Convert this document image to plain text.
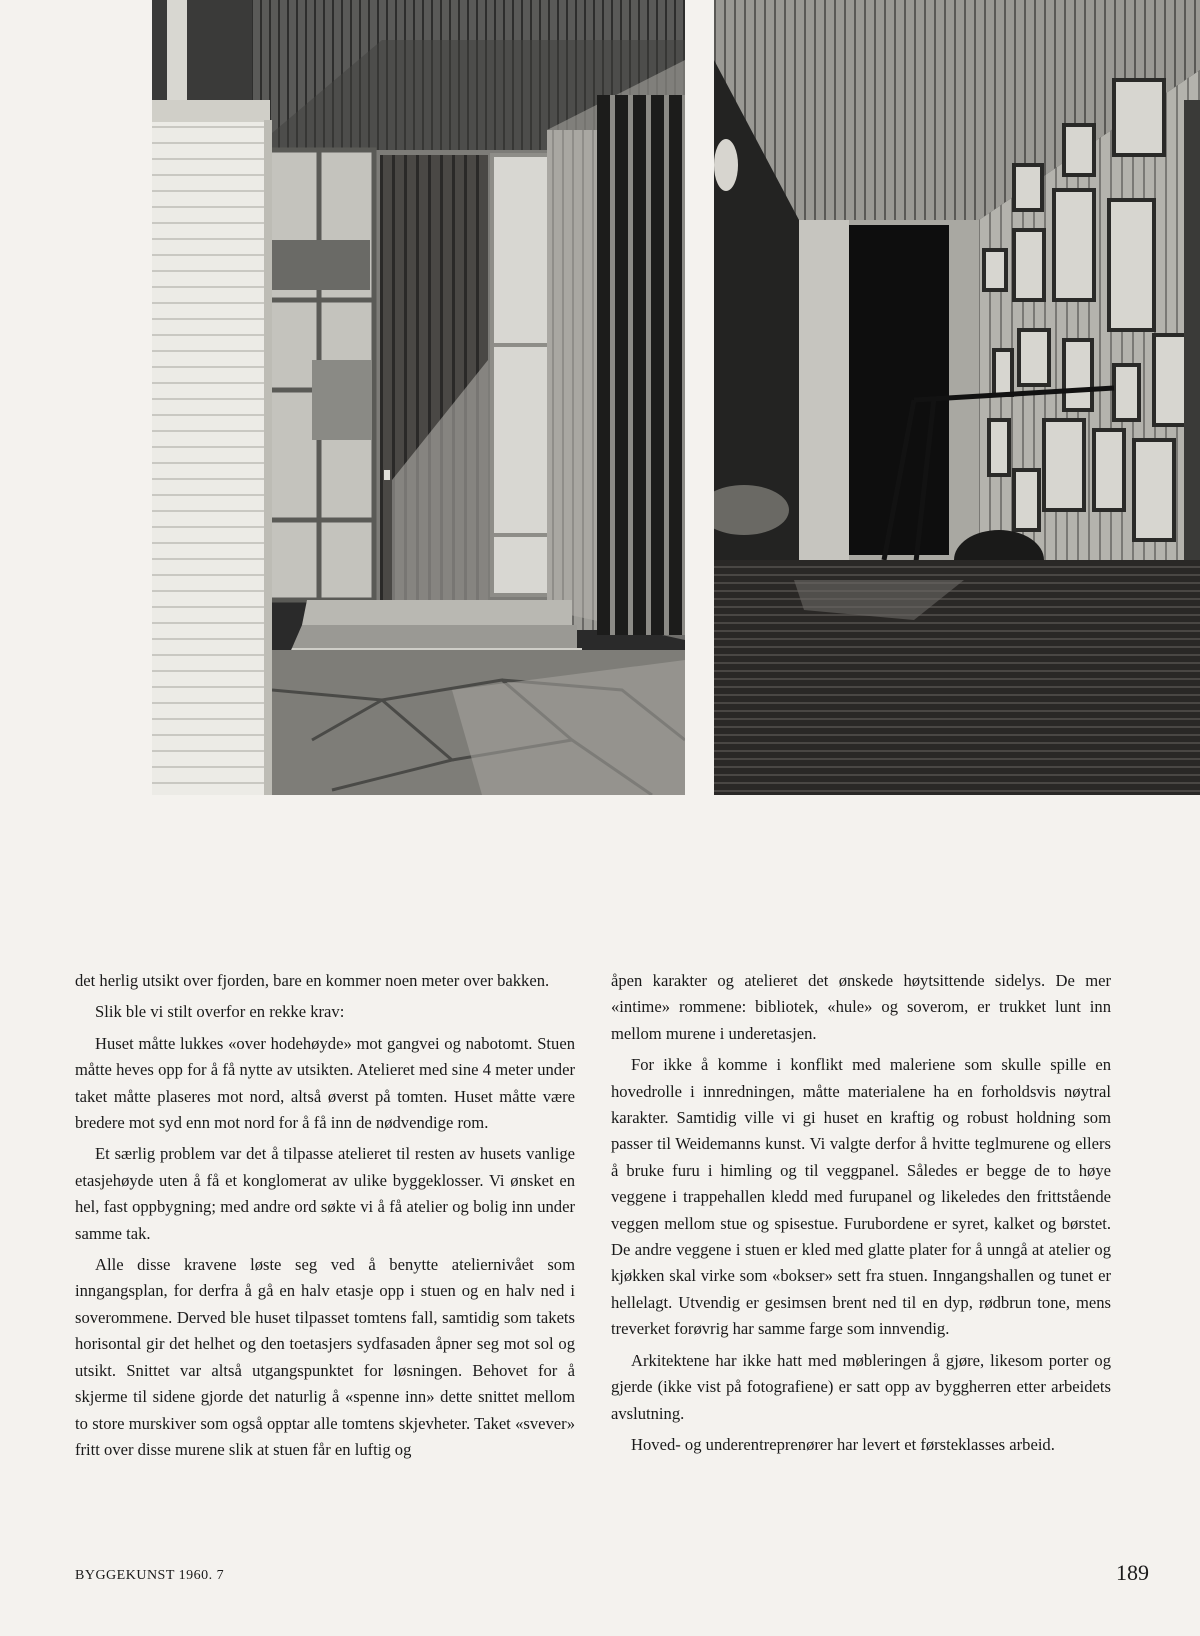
det herlig utsikt over fjorden, bare en kommer noen meter over bakken.

Slik ble vi stilt overfor en rekke krav:

Huset måtte lukkes «over hodehøyde» mot gangvei og nabotomt. Stuen måtte heves opp for å få nytte av utsikten. Atelieret med sine 4 meter under taket måtte plaseres mot nord, altså øverst på tomten. Huset måtte være bredere mot syd enn mot nord for å få inn de nødvendige rom.

Et særlig problem var det å tilpasse atelieret til resten av husets vanlige etasjehøyde uten å få et konglomerat av ulike byggeklosser. Vi ønsket en hel, fast oppbygning; med andre ord søkte vi å få atelier og bolig inn under samme tak.

Alle disse kravene løste seg ved å benytte ateliernivået som inngangsplan, for derfra å gå en halv etasje opp i stuen og en halv ned i soverommene. Derved ble huset tilpasset tomtens fall, samtidig som takets horisontal gir det helhet og den toetasjers sydfasaden åpner seg mot sol og utsikt. Snittet var altså utgangspunktet for løsningen. Behovet for å skjerme til sidene gjorde det naturlig å «spenne inn» dette snittet mellom to store murskiver som også opptar alle tomtens skjevheter. Taket «svever» fritt over disse murene slik at stuen får en luftig og

åpen karakter og atelieret det ønskede høytsittende sidelys. De mer «intime» rommene: bibliotek, «hule» og soverom, er trukket lunt inn mellom murene i underetasjen.

For ikke å komme i konflikt med maleriene som skulle spille en hovedrolle i innredningen, måtte materialene ha en forholdsvis nøytral karakter. Samtidig ville vi gi huset en kraftig og robust holdning som passer til Weidemanns kunst. Vi valgte derfor å hvitte teglmurene og ellers å bruke furu i himling og til veggpanel. Således er begge de to høye veggene i trappehallen kledd med furupanel og likeledes den frittstående veggen mellom stue og spisestue. Furubordene er syret, kalket og børstet. De andre veggene i stuen er kled med glatte plater for å unngå at atelier og kjøkken skal virke som «bokser» sett fra stuen. Inngangshallen og tunet er hellelagt. Utvendig er gesimsen brent ned til en dyp, rødbrun tone, mens treverket forøvrig har samme farge som innvendig.

Arkitektene har ikke hatt med møbleringen å gjøre, likesom porter og gjerde (ikke vist på fotografiene) er satt opp av byggherren etter arbeidets avslutning.

Hoved- og underentreprenører har levert et førsteklasses arbeid.

BYGGEKUNST 1960. 7	189
